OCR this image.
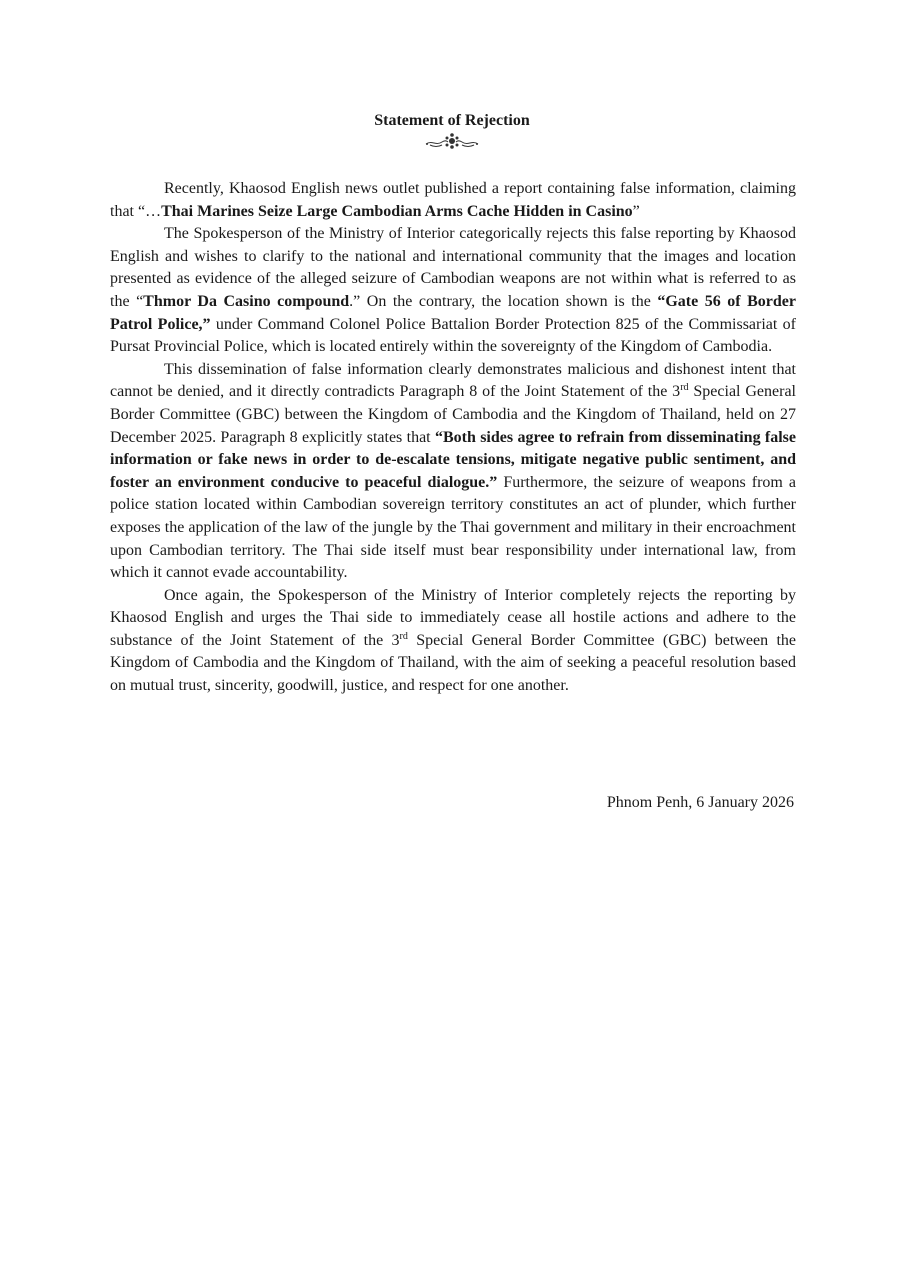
Statement of Rejection

Recently, Khaosod English news outlet published a report containing false information, claiming that “…Thai Marines Seize Large Cambodian Arms Cache Hidden in Casino”

The Spokesperson of the Ministry of Interior categorically rejects this false reporting by Khaosod English and wishes to clarify to the national and international community that the images and location presented as evidence of the alleged seizure of Cambodian weapons are not within what is referred to as the “Thmor Da Casino compound.” On the contrary, the location shown is the “Gate 56 of Border Patrol Police,” under Command Colonel Police Battalion Border Protection 825 of the Commissariat of Pursat Provincial Police, which is located entirely within the sovereignty of the Kingdom of Cambodia.

This dissemination of false information clearly demonstrates malicious and dishonest intent that cannot be denied, and it directly contradicts Paragraph 8 of the Joint Statement of the 3rd Special General Border Committee (GBC) between the Kingdom of Cambodia and the Kingdom of Thailand, held on 27 December 2025. Paragraph 8 explicitly states that “Both sides agree to refrain from disseminating false information or fake news in order to de-escalate tensions, mitigate negative public sentiment, and foster an environment conducive to peaceful dialogue.” Furthermore, the seizure of weapons from a police station located within Cambodian sovereign territory constitutes an act of plunder, which further exposes the application of the law of the jungle by the Thai government and military in their encroachment upon Cambodian territory. The Thai side itself must bear responsibility under international law, from which it cannot evade accountability.

Once again, the Spokesperson of the Ministry of Interior completely rejects the reporting by Khaosod English and urges the Thai side to immediately cease all hostile actions and adhere to the substance of the Joint Statement of the 3rd Special General Border Committee (GBC) between the Kingdom of Cambodia and the Kingdom of Thailand, with the aim of seeking a peaceful resolution based on mutual trust, sincerity, goodwill, justice, and respect for one another.

Phnom Penh, 6 January 2026
